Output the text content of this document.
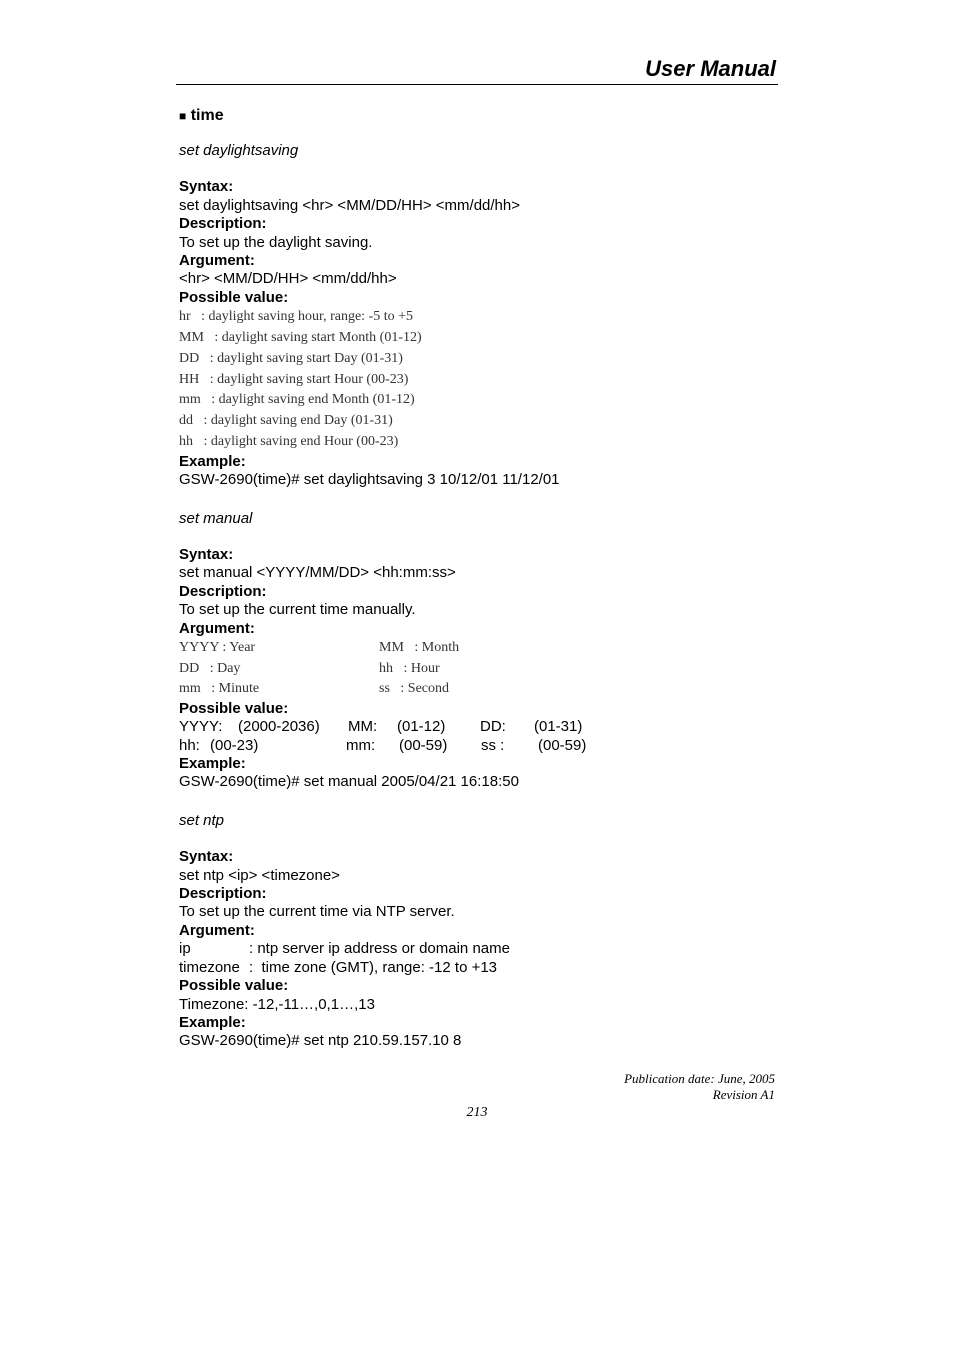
User Manual
■ time
set daylightsaving
Syntax:
set daylightsaving <hr> <MM/DD/HH> <mm/dd/hh>
Description:
To set up the daylight saving.
Argument:
<hr> <MM/DD/HH> <mm/dd/hh>
Possible value:
hr   : daylight saving hour, range: -5 to +5
MM   : daylight saving start Month (01-12)
DD   : daylight saving start Day (01-31)
HH   : daylight saving start Hour (00-23)
mm   : daylight saving end Month (01-12)
dd   : daylight saving end Day (01-31)
hh   : daylight saving end Hour (00-23)
Example:
GSW-2690(time)# set daylightsaving 3 10/12/01 11/12/01
set manual
Syntax:
set manual <YYYY/MM/DD> <hh:mm:ss>
Description:
To set up the current time manually.
Argument:
YYYY : Year	MM   : Month
DD   : Day	hh   : Hour
mm   : Minute	ss   : Second
Possible value:
YYYY:	(2000-2036)	MM:	(01-12)	DD:	(01-31)
hh: (00-23)	mm:	(00-59)	ss :	(00-59)
Example:
GSW-2690(time)# set manual 2005/04/21 16:18:50
set ntp
Syntax:
set ntp <ip> <timezone>
Description:
To set up the current time via NTP server.
Argument:
ip	: ntp server ip address or domain name
timezone :  time zone (GMT), range: -12 to +13
Possible value:
Timezone: -12,-11…,0,1…,13
Example:
GSW-2690(time)# set ntp 210.59.157.10 8
Publication date: June, 2005
Revision A1
213
